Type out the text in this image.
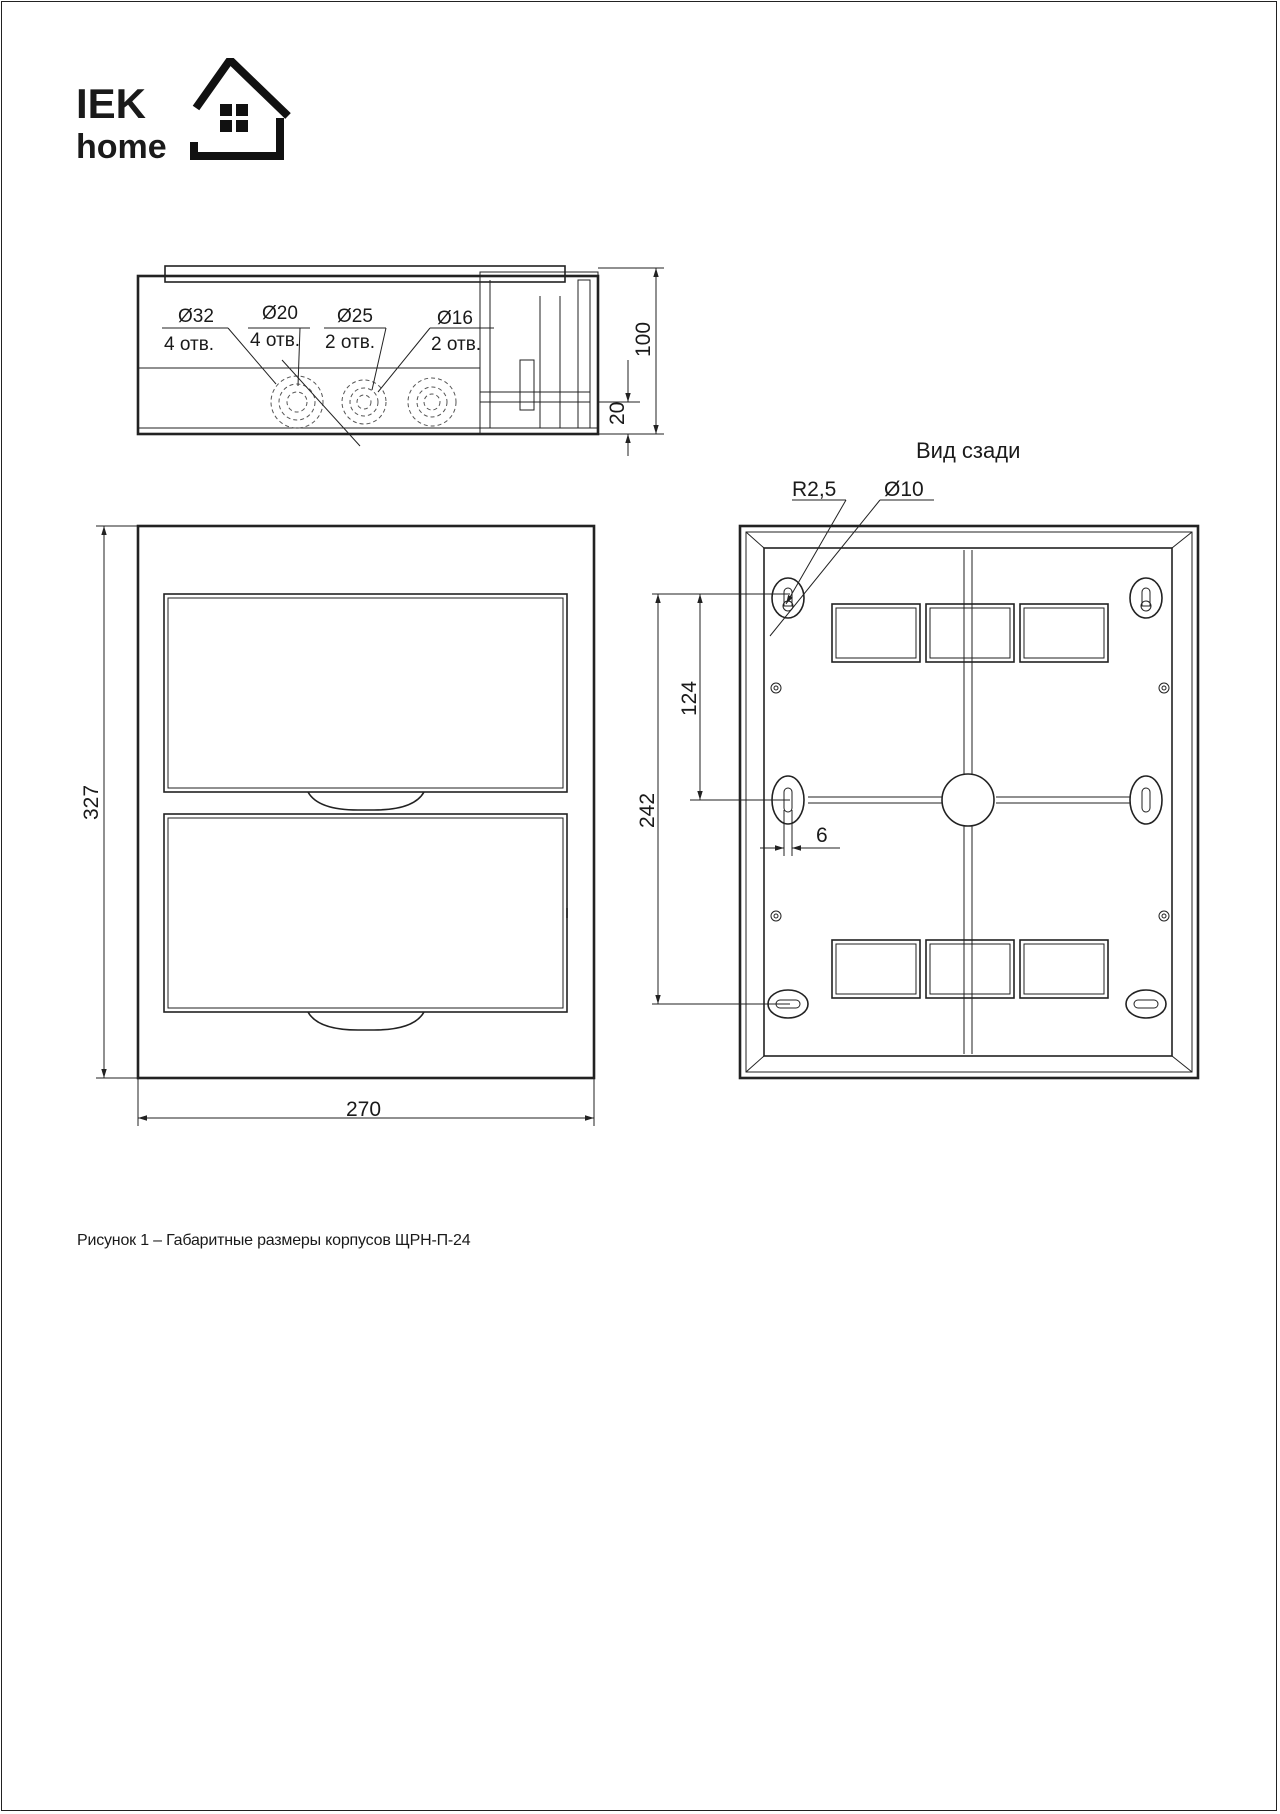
IEK
home
Ø32
4 отв.
Ø20
4 отв.
Ø25
2 отв.
Ø16
2 отв.	100
20
327
270
Вид сзади
R2,5 Ø10
124
242
6
Рисунок 1 – Габаритные размеры корпусов ЩРН-П-24
